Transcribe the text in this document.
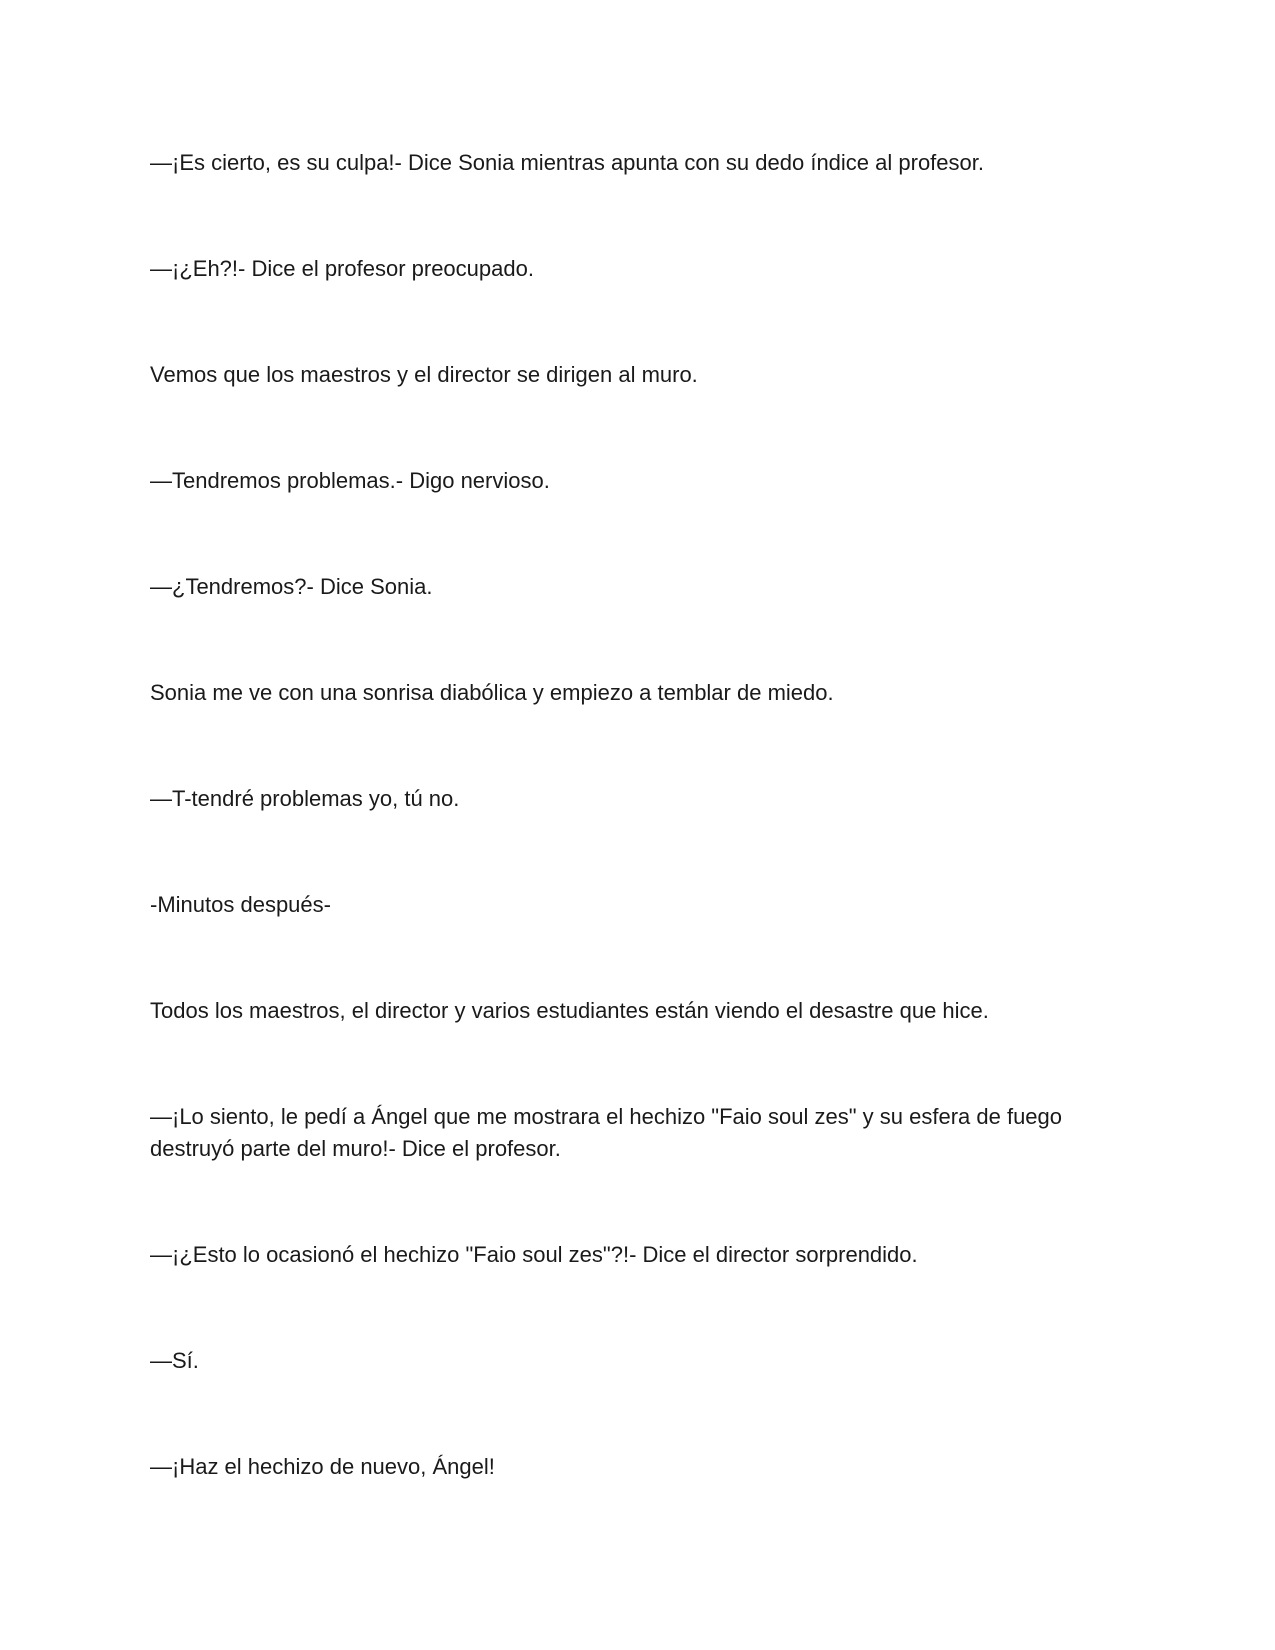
—¡Es cierto, es su culpa!- Dice Sonia mientras apunta con su dedo índice al profesor.

—¡¿Eh?!- Dice el profesor preocupado.

Vemos que los maestros y el director se dirigen al muro.

—Tendremos problemas.- Digo nervioso.

—¿Tendremos?- Dice Sonia.

Sonia me ve con una sonrisa diabólica y empiezo a temblar de miedo.

—T-tendré problemas yo, tú no.

-Minutos después-

Todos los maestros, el director y varios estudiantes están viendo el desastre que hice.

—¡Lo siento, le pedí a Ángel que me mostrara el hechizo "Faio soul zes" y su esfera de fuego destruyó parte del muro!- Dice el profesor.

—¡¿Esto lo ocasionó el hechizo "Faio soul zes"?!- Dice el director sorprendido.

—Sí.

—¡Haz el hechizo de nuevo, Ángel!
